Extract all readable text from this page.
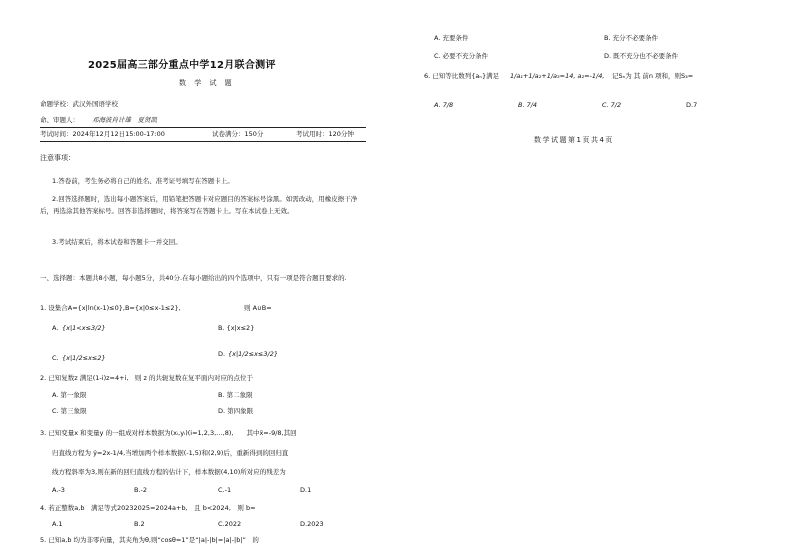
2025届高三部分重点中学12月联合测评
数 学 试 题
命题学校：武汉外国语学校
命、审题人： 邓海波肖计雄　夏贤凯
考试时间：2024年12月12日15:00-17:00	试卷满分：150分	考试用时：120分钟
注意事项：
1.答卷前，考生务必将自己的姓名、准考证号填写在答题卡上。
2.回答选择题时，选出每小题答案后，用铅笔把答题卡对应题目的答案标号涂黑。如需改动，用橡皮擦干净后，再选涂其他答案标号。回答非选择题时，将答案写在答题卡上。写在本试卷上无效。
3.考试结束后，将本试卷和答题卡一并交回。
一、选择题：本题共8小题，每小题5分，共40分.在每小题给出的四个选项中，只有一项是符合题目要求的.
1. 设集合A={x|ln(x-1)≤0},B={x|0≤x-1≤2},	则 A∪B=
A. {x|1<x≤3/2}	B. {x|x≤2}
C. {x|1/2≤x≤2}	D. {x|1/2≤x≤3/2}
2. 已知复数z 满足(1-i)z=4+i,　则 z 的共轭复数在复平面内对应的点位于
A. 第一象限	B. 第二象限
C. 第三象限	D. 第四象限
3. 已知变量x 和变量y 的一组成对样本数据为(xᵢ,yᵢ)(i=1,2,3,…,8),　　其中x̄=-9/8,其回
归直线方程为 ŷ=2x-1/4,当增加两个样本数据(-1,5)和(2,9)后，重新得到的回归直
线方程斜率为3,则在新的回归直线方程的估计下，样本数据(4,10)所对应的残差为
A.-3	B.-2	C.-1	D.1
4. 若正整数a,b　满足等式20232025=2024a+b,　且 b<2024,　则 b=
A.1	B.2	C.2022	D.2023
5. 已知a,b 均为非零向量，其夹角为θ,则“cosθ=1”是“|a|-|b|=|a|-|b|”　的
A. 充要条件	B. 充分不必要条件
C. 必要不充分条件	D. 既不充分也不必要条件
6. 已知等比数列{aₙ}满足 1/a₁+1/a₂+1/a₃=14, a₂=-1/4, 记Sₙ为 其 前n 项和，则S₃=
A. 7/8	B. 7/4	C. 7/2	D.7
数学试题第1页共4页
